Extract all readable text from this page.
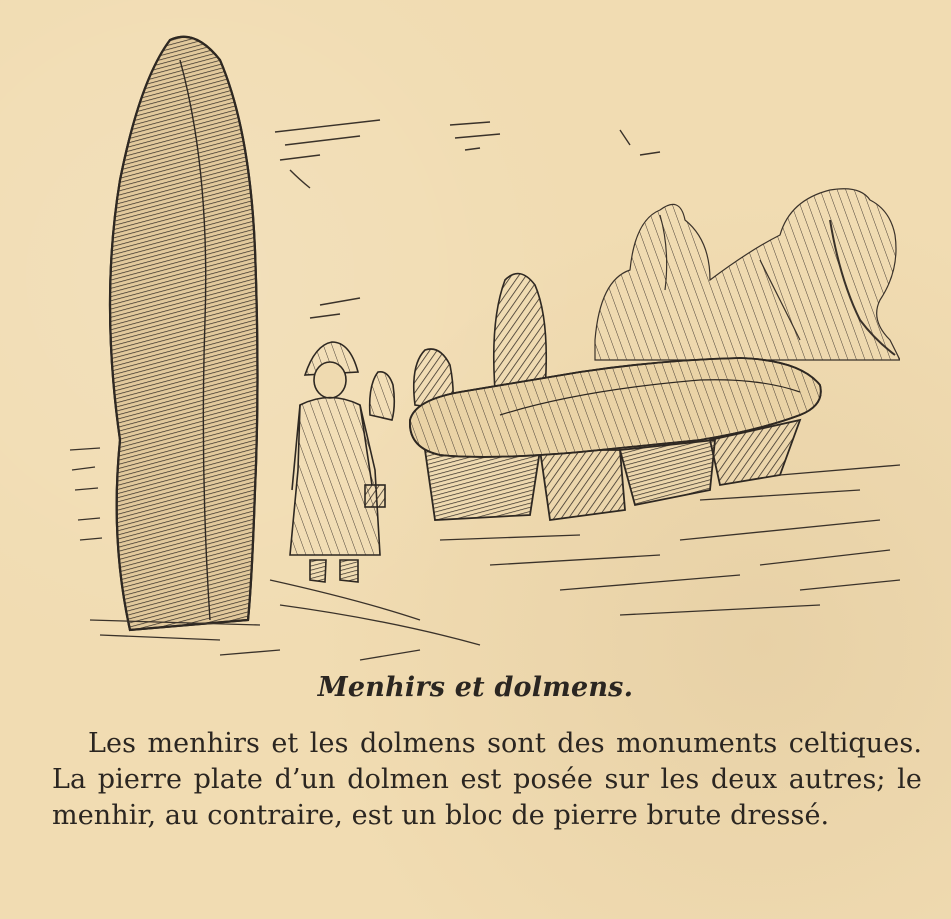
Menhirs et dolmens.
Les menhirs et les dolmens sont des monuments celtiques. La pierre plate d’un dolmen est posée sur les deux autres; le menhir, au contraire, est un bloc de pierre brute dressé.
